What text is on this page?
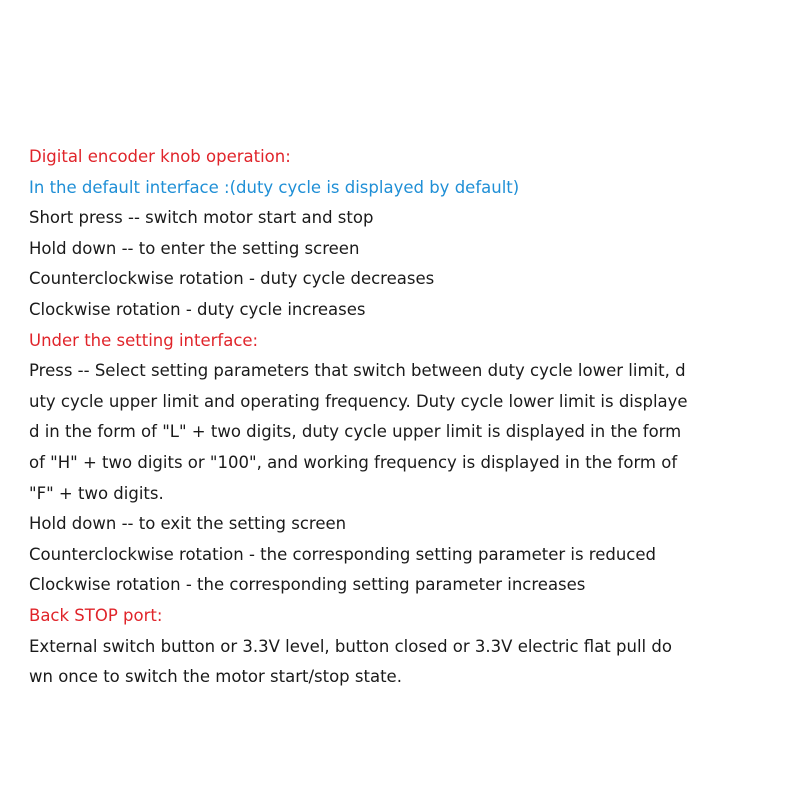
Digital encoder knob operation:
In the default interface :(duty cycle is displayed by default)
Short press -- switch motor start and stop
Hold down -- to enter the setting screen
Counterclockwise rotation - duty cycle decreases
Clockwise rotation - duty cycle increases
Under the setting interface:
Press -- Select setting parameters that switch between duty cycle lower limit, d
uty cycle upper limit and operating frequency. Duty cycle lower limit is displaye
d in the form of "L" + two digits, duty cycle upper limit is displayed in the form
of "H" + two digits or "100", and working frequency is displayed in the form of
"F" + two digits.
Hold down -- to exit the setting screen
Counterclockwise rotation - the corresponding setting parameter is reduced
Clockwise rotation - the corresponding setting parameter increases
Back STOP port:
External switch button or 3.3V level, button closed or 3.3V electric flat pull do
wn once to switch the motor start/stop state.
